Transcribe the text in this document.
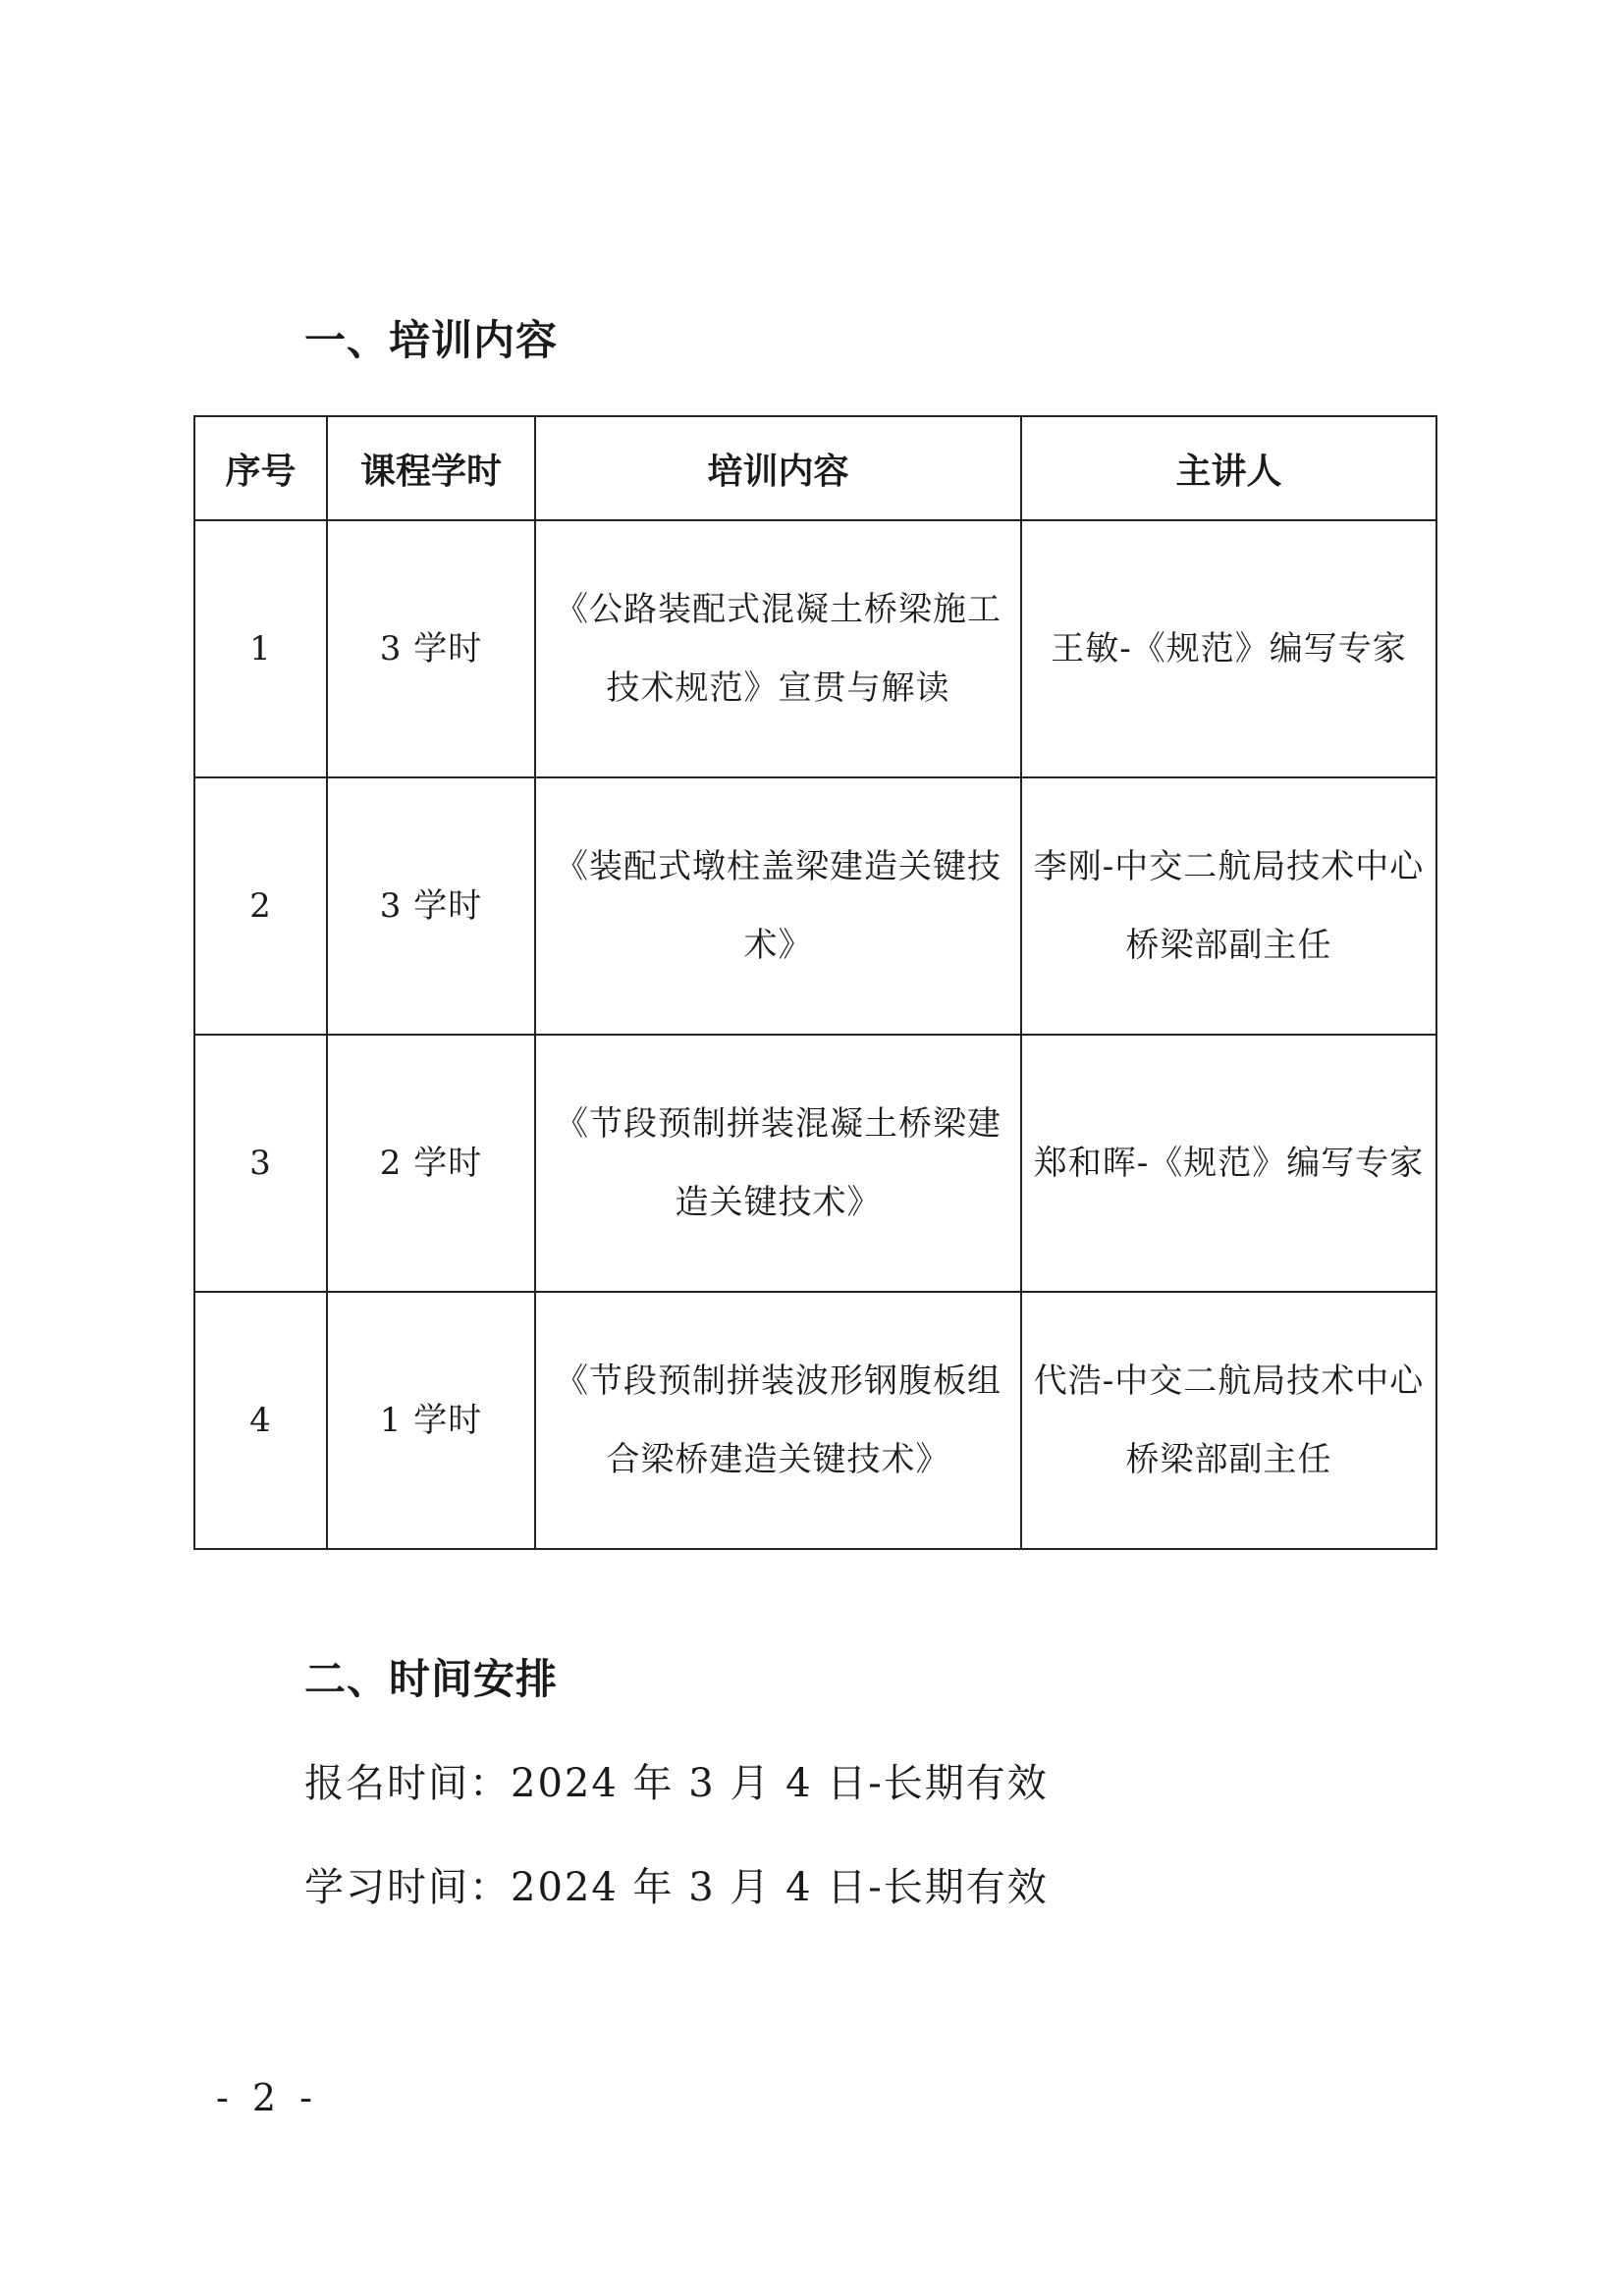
一、培训内容
序号	课程学时	培训内容	主讲人

1	3 学时	《公路装配式混凝土桥梁施工技术规范》宣贯与解读	王敏-《规范》编写专家

2	3 学时	《装配式墩柱盖梁建造关键技术》	李刚-中交二航局技术中心桥梁部副主任

3	2 学时	《节段预制拼装混凝土桥梁建造关键技术》	郑和晖-《规范》编写专家

4	1 学时	《节段预制拼装波形钢腹板组合梁桥建造关键技术》	代浩-中交二航局技术中心桥梁部副主任
二、时间安排
报名时间：2024 年 3 月 4 日-长期有效
学习时间：2024 年 3 月 4 日-长期有效
- 2 -
